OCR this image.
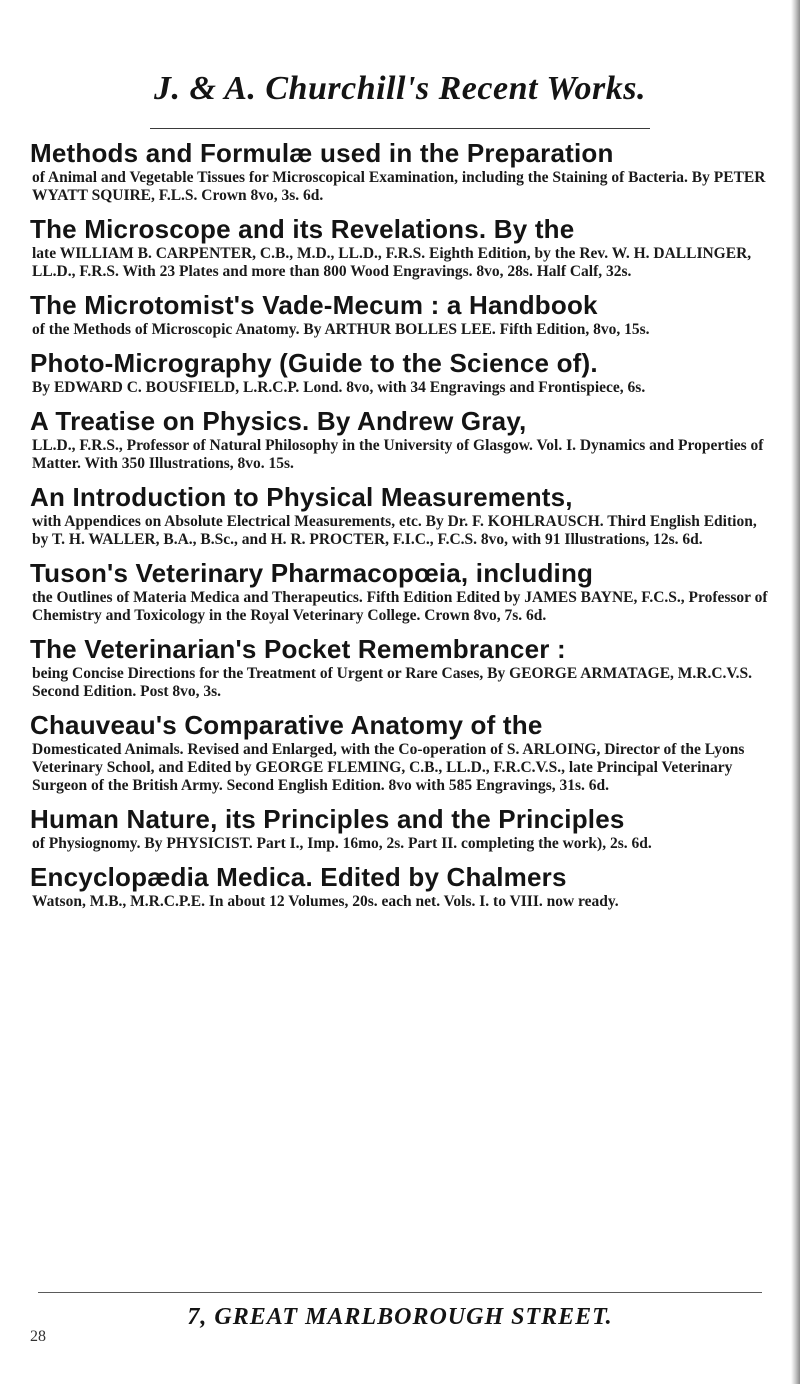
J. & A. Churchill's Recent Works.
Methods and Formulæ used in the Preparation
of Animal and Vegetable Tissues for Microscopical Examination, including the Staining of Bacteria. By PETER WYATT SQUIRE, F.L.S. Crown 8vo, 3s. 6d.
The Microscope and its Revelations. By the
late WILLIAM B. CARPENTER, C.B., M.D., LL.D., F.R.S. Eighth Edition, by the Rev. W. H. DALLINGER, LL.D., F.R.S. With 23 Plates and more than 800 Wood Engravings. 8vo, 28s. Half Calf, 32s.
The Microtomist's Vade-Mecum : a Handbook
of the Methods of Microscopic Anatomy. By ARTHUR BOLLES LEE. Fifth Edition, 8vo, 15s.
Photo-Micrography (Guide to the Science of).
By EDWARD C. BOUSFIELD, L.R.C.P. Lond. 8vo, with 34 Engravings and Frontispiece, 6s.
A Treatise on Physics. By Andrew Gray,
LL.D., F.R.S., Professor of Natural Philosophy in the University of Glasgow. Vol. I. Dynamics and Properties of Matter. With 350 Illustrations, 8vo. 15s.
An Introduction to Physical Measurements,
with Appendices on Absolute Electrical Measurements, etc. By Dr. F. KOHLRAUSCH. Third English Edition, by T. H. WALLER, B.A., B.Sc., and H. R. PROCTER, F.I.C., F.C.S. 8vo, with 91 Illustrations, 12s. 6d.
Tuson's Veterinary Pharmacopœia, including
the Outlines of Materia Medica and Therapeutics. Fifth Edition Edited by JAMES BAYNE, F.C.S., Professor of Chemistry and Toxicology in the Royal Veterinary College. Crown 8vo, 7s. 6d.
The Veterinarian's Pocket Remembrancer :
being Concise Directions for the Treatment of Urgent or Rare Cases, By GEORGE ARMATAGE, M.R.C.V.S. Second Edition. Post 8vo, 3s.
Chauveau's Comparative Anatomy of the
Domesticated Animals. Revised and Enlarged, with the Co-operation of S. ARLOING, Director of the Lyons Veterinary School, and Edited by GEORGE FLEMING, C.B., LL.D., F.R.C.V.S., late Principal Veterinary Surgeon of the British Army. Second English Edition. 8vo with 585 Engravings, 31s. 6d.
Human Nature, its Principles and the Principles
of Physiognomy. By PHYSICIST. Part I., Imp. 16mo, 2s. Part II. completing the work), 2s. 6d.
Encyclopædia Medica. Edited by Chalmers
Watson, M.B., M.R.C.P.E. In about 12 Volumes, 20s. each net. Vols. I. to VIII. now ready.
7, GREAT MARLBOROUGH STREET.
28
